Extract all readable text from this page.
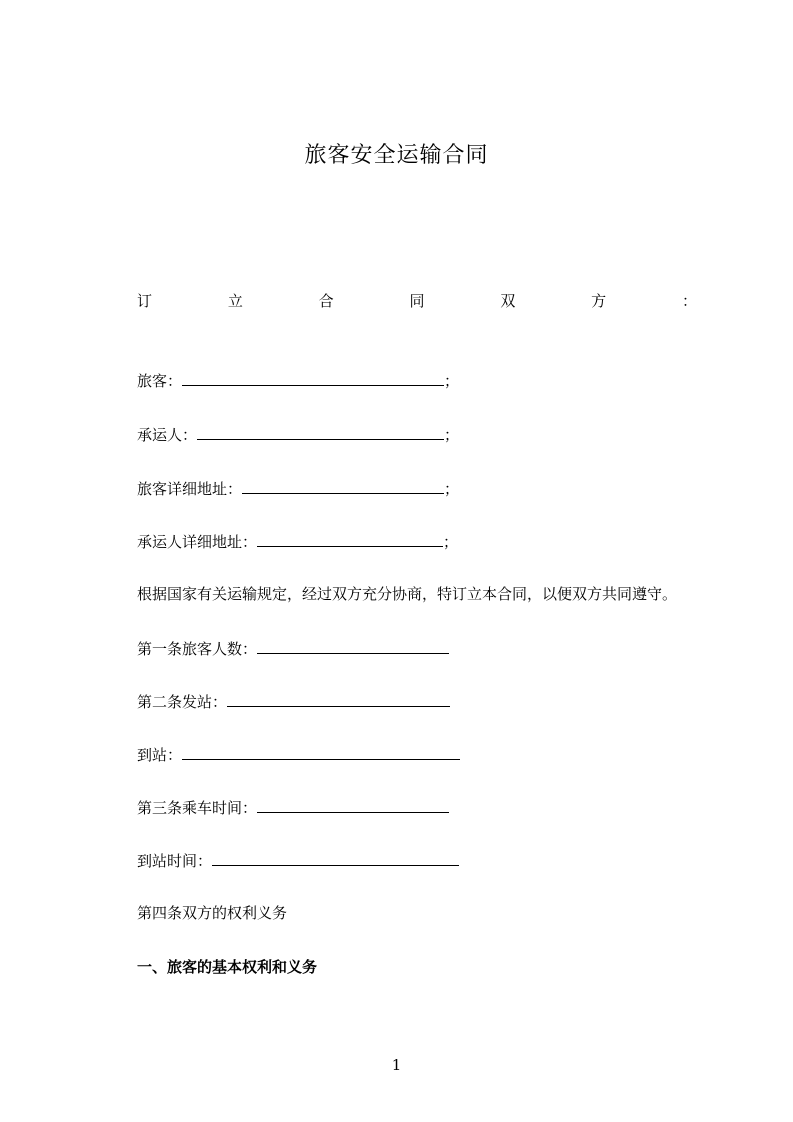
旅客安全运输合同
订	立	合	同	双	方	：
旅客：	；
承运人：	；
旅客详细地址：	；
承运人详细地址：	；
根据国家有关运输规定，经过双方充分协商，特订立本合同，以便双方共同遵守。
第一条旅客人数：
第二条发站：
到站：
第三条乘车时间：
到站时间：
第四条双方的权利义务
一、旅客的基本权利和义务
1
